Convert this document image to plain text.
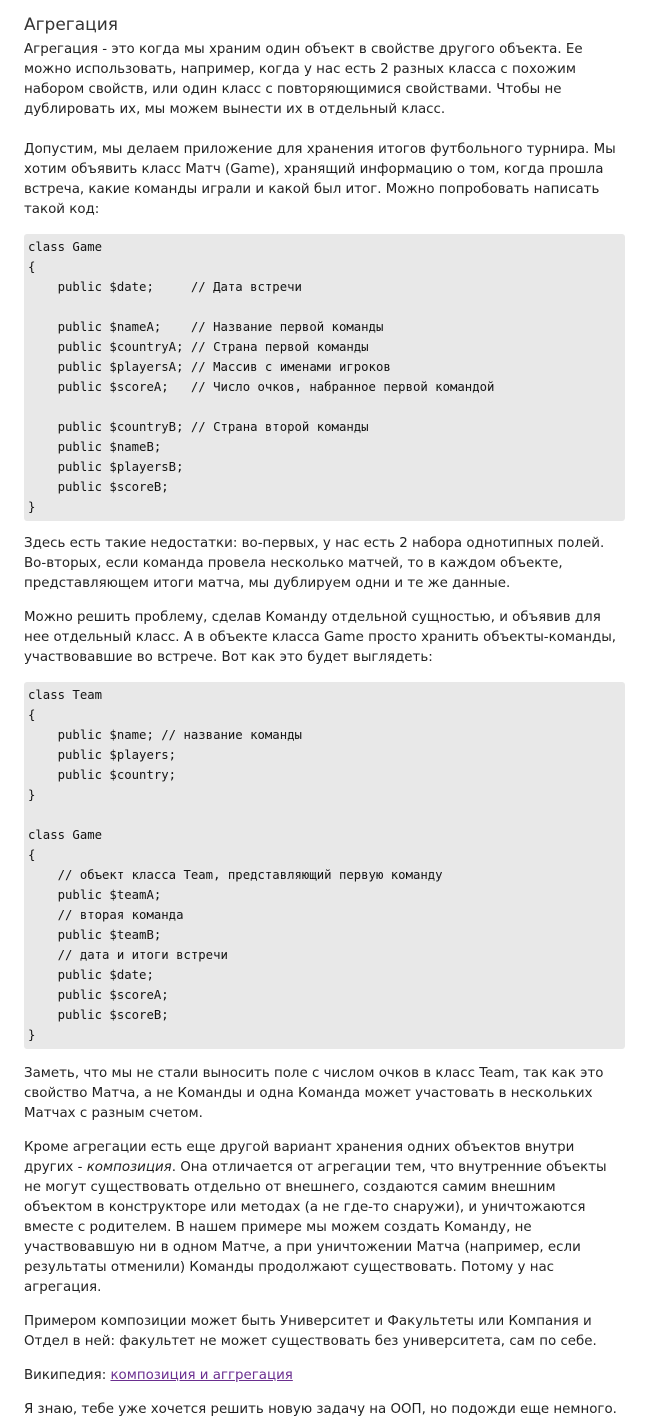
Агрегация

Агрегация - это когда мы храним один объект в свойстве другого объекта. Ее можно использовать, например, когда у нас есть 2 разных класса с похожим набором свойств, или один класс с повторяющимися свойствами. Чтобы не дублировать их, мы можем вынести их в отдельный класс.

Допустим, мы делаем приложение для хранения итогов футбольного турнира. Мы хотим объявить класс Матч (Game), хранящий информацию о том, когда прошла встреча, какие команды играли и какой был итог. Можно попробовать написать такой код:

class Game
{
public $date;     // Дата встречи

public $nameA;    // Название первой команды
public $countryA; // Страна первой команды
public $playersA; // Массив с именами игроков
public $scoreA;   // Число очков, набранное первой командой

public $countryB; // Страна второй команды
public $nameB;
public $playersB;
public $scoreB;
}

Здесь есть такие недостатки: во-первых, у нас есть 2 набора однотипных полей. Во-вторых, если команда провела несколько матчей, то в каждом объекте, представляющем итоги матча, мы дублируем одни и те же данные.

Можно решить проблему, сделав Команду отдельной сущностью, и объявив для нее отдельный класс. А в объекте класса Game просто хранить объекты-команды, участвовавшие во встрече. Вот как это будет выглядеть:

class Team
{
public $name; // название команды
public $players;
public $country;
}

class Game
{
// объект класса Team, представляющий первую команду
public $teamA;
// вторая команда
public $teamB;
// дата и итоги встречи
public $date;
public $scoreA;
public $scoreB;
}

Заметь, что мы не стали выносить поле с числом очков в класс Team, так как это свойство Матча, а не Команды и одна Команда может участовать в нескольких Матчах с разным счетом.

Кроме агрегации есть еще другой вариант хранения одних объектов внутри других - композиция. Она отличается от агрегации тем, что внутренние объекты не могут существовать отдельно от внешнего, создаются самим внешним объектом в конструкторе или методах (а не где-то снаружи), и уничтожаются вместе с родителем. В нашем примере мы можем создать Команду, не участвовавшую ни в одном Матче, а при уничтожении Матча (например, если результаты отменили) Команды продолжают существовать. Потому у нас агрегация.

Примером композиции может быть Университет и Факультеты или Компания и Отдел в ней: факультет не может существовать без университета, сам по себе.

Википедия: композиция и аггрегация

Я знаю, тебе уже хочется решить новую задачу на ООП, но подожди еще немного.
